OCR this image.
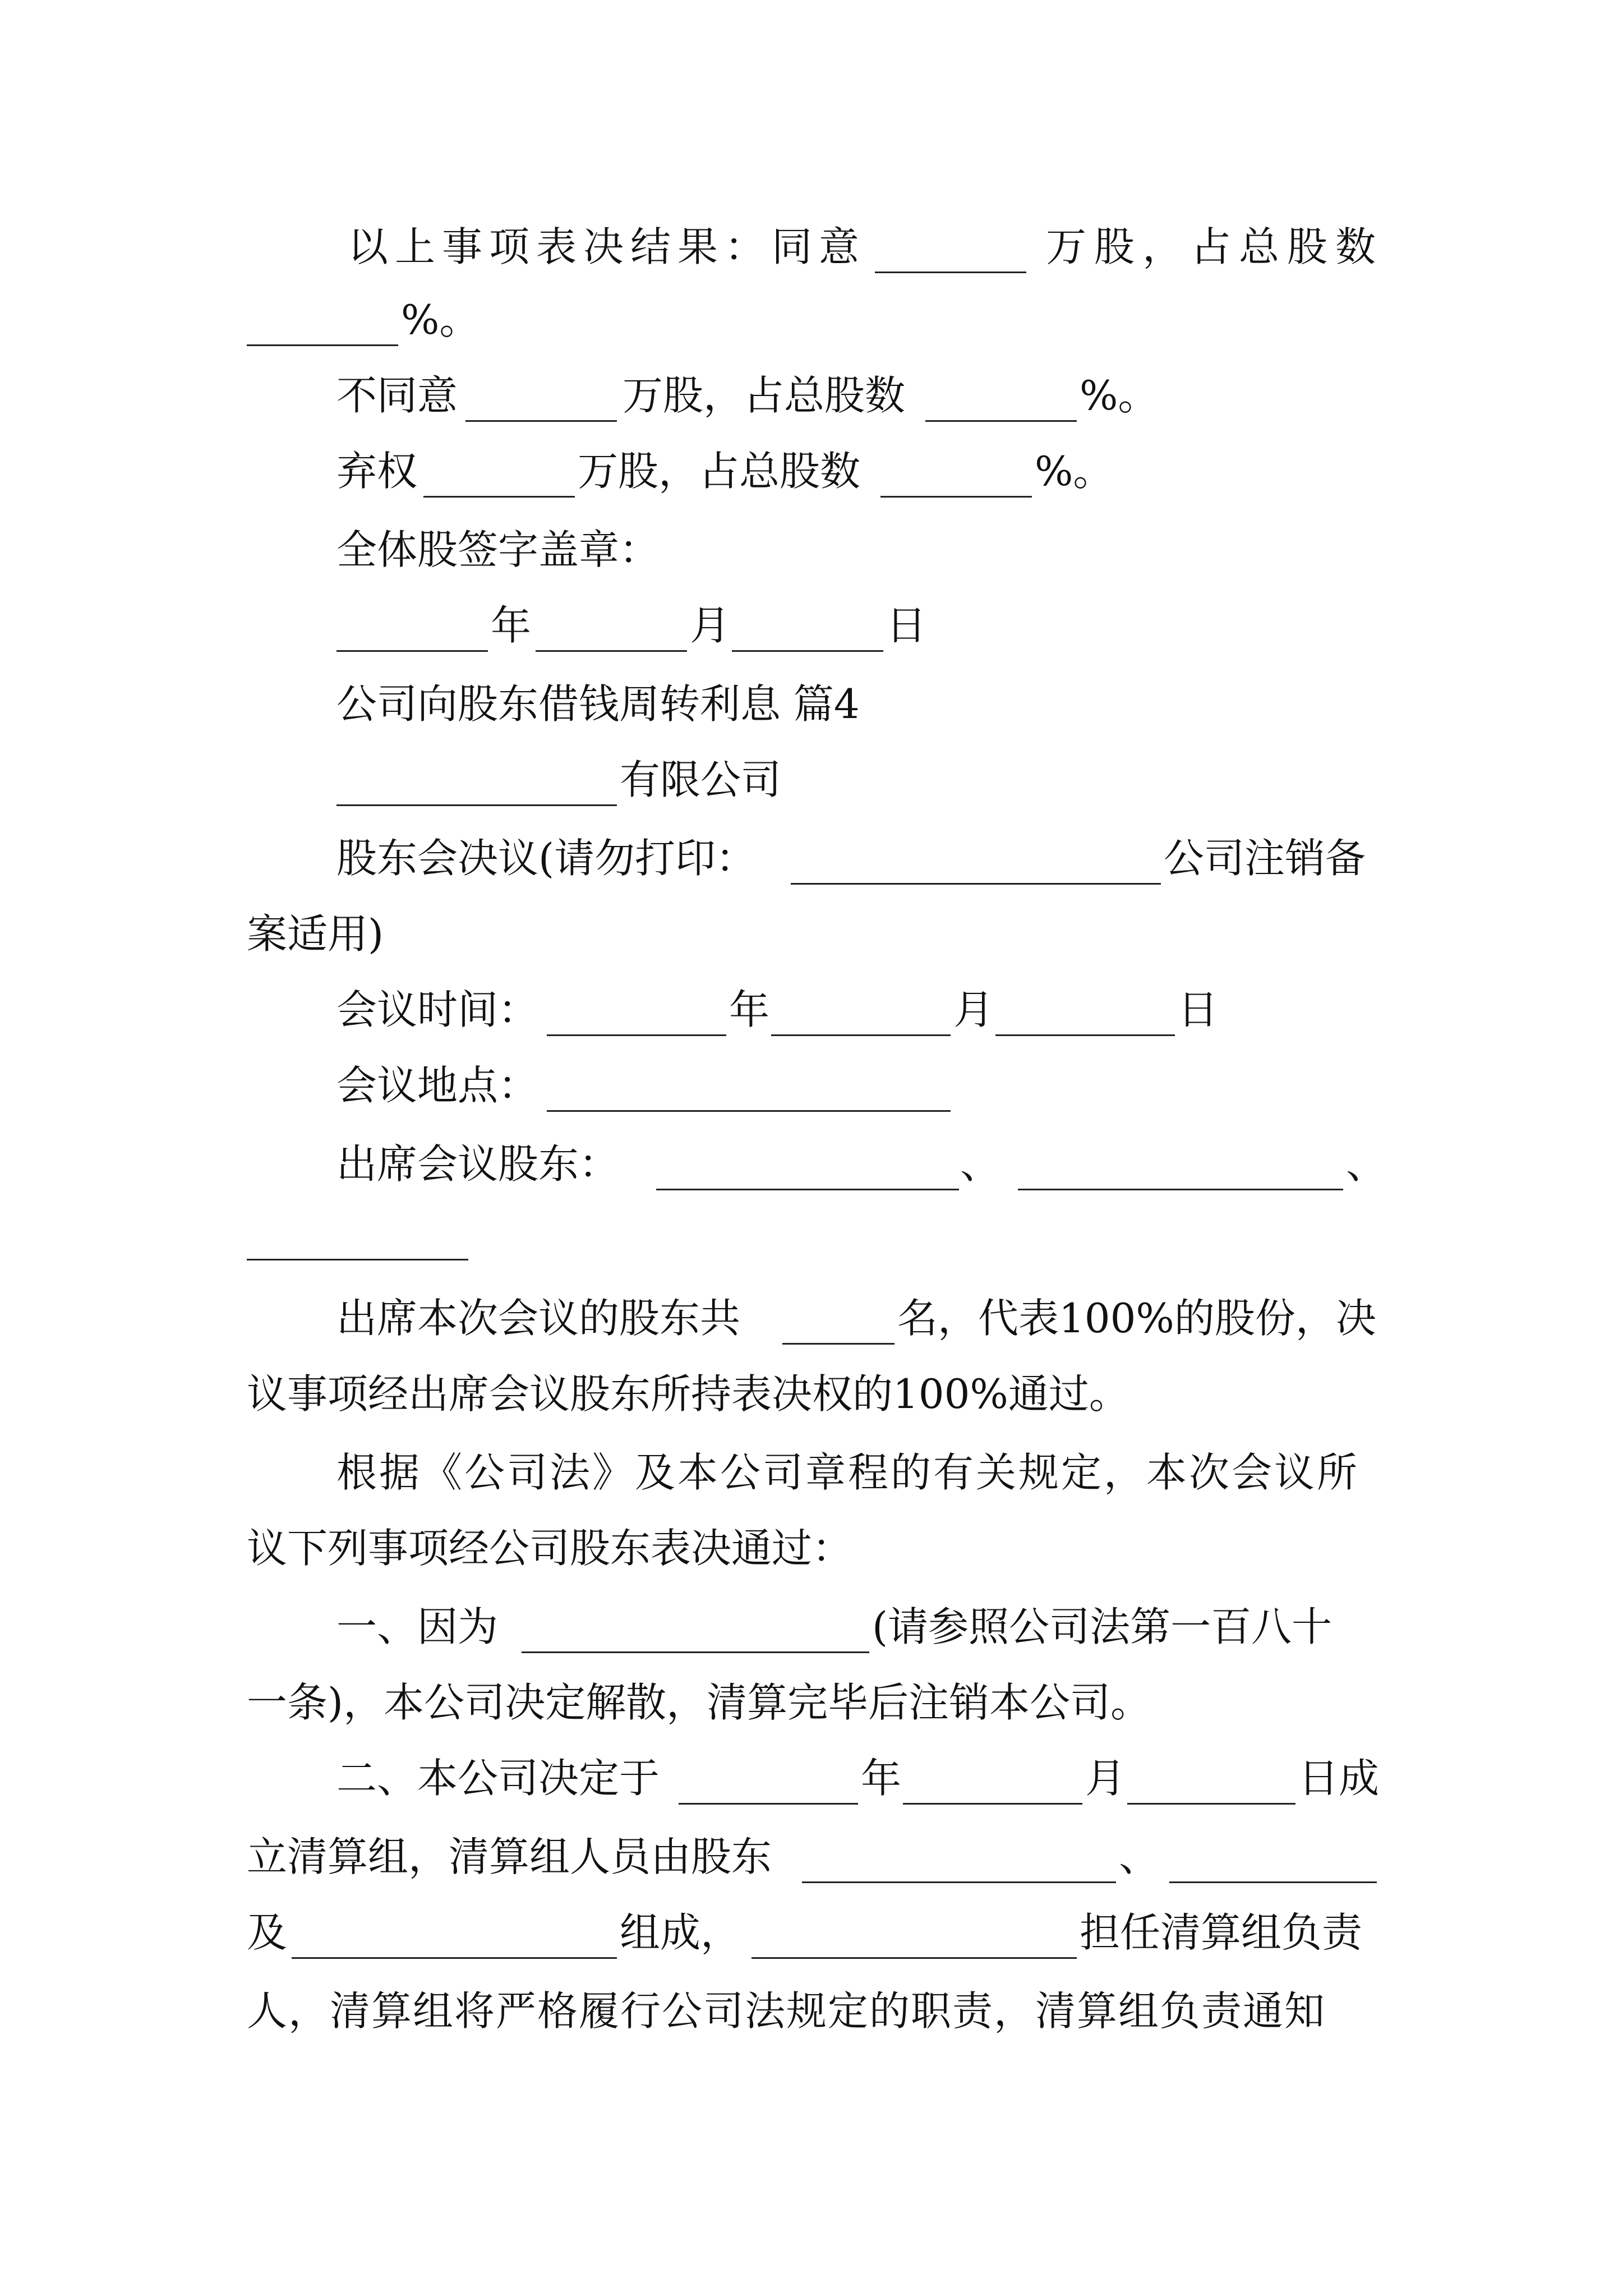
以上事项表决结果：同意	万股，占总股数
%。
不同意	万股，占总股数	%。
弃权	万股，占总股数	%。
全体股签字盖章：
年	月	日
公司向股东借钱周转利息 篇4
有限公司
股东会决议(请勿打印：	公司注销备
案适用)
会议时间：	年	月	日
会议地点：
出席会议股东：	、	、
出席本次会议的股东共	名，代表100%的股份，决
议事项经出席会议股东所持表决权的100%通过。
根据《公司法》及本公司章程的有关规定，本次会议所
议下列事项经公司股东表决通过：
一、因为	(请参照公司法第一百八十
一条)，本公司决定解散，清算完毕后注销本公司。
二、本公司决定于	年	月	日成
立清算组，清算组人员由股东	、
及	组成，	担任清算组负责
人，清算组将严格履行公司法规定的职责，清算组负责通知
